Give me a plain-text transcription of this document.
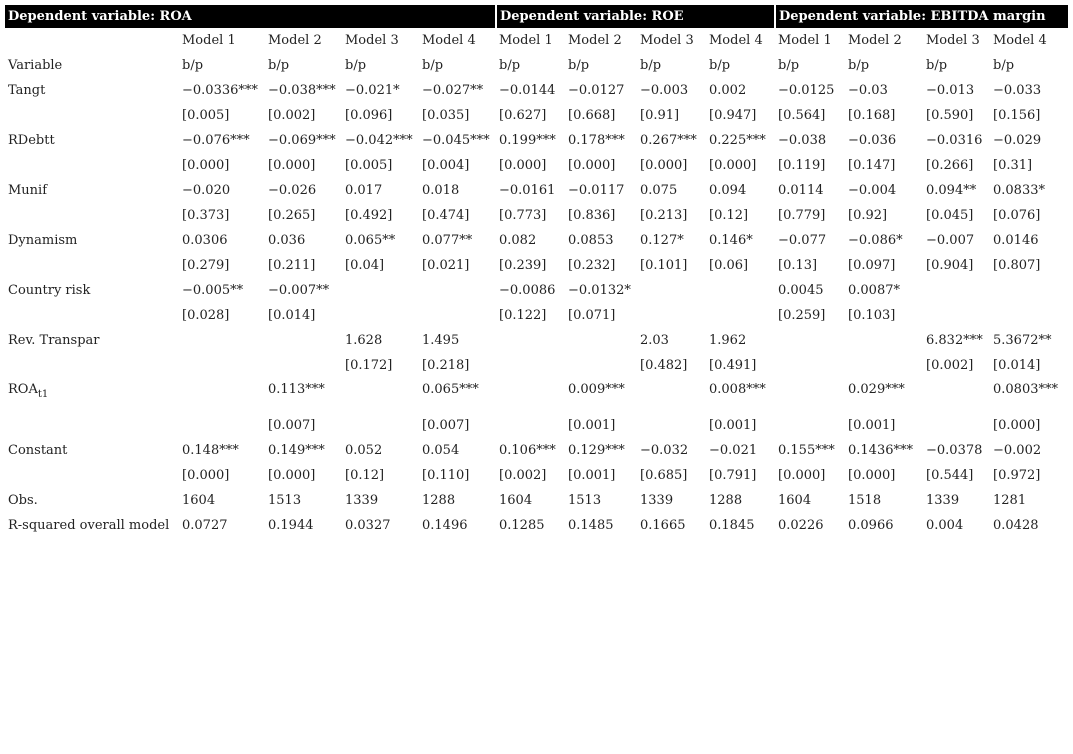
Dependent variable: ROA					Dependent variable: ROE				Dependent variable: EBITDA margin			
	Model 1	Model 2	Model 3	Model 4	Model 1	Model 2	Model 3	Model 4	Model 1	Model 2	Model 3	Model 4
Variable	b/p	b/p	b/p	b/p	b/p	b/p	b/p	b/p	b/p	b/p	b/p	b/p
Tangt	−0.0336***	−0.038***	−0.021*	−0.027**	−0.0144	−0.0127	−0.003	0.002	−0.0125	−0.03	−0.013	−0.033
	[0.005]	[0.002]	[0.096]	[0.035]	[0.627]	[0.668]	[0.91]	[0.947]	[0.564]	[0.168]	[0.590]	[0.156]
RDebtt	−0.076***	−0.069***	−0.042***	−0.045***	0.199***	0.178***	0.267***	0.225***	−0.038	−0.036	−0.0316	−0.029
	[0.000]	[0.000]	[0.005]	[0.004]	[0.000]	[0.000]	[0.000]	[0.000]	[0.119]	[0.147]	[0.266]	[0.31]
Munif	−0.020	−0.026	0.017	0.018	−0.0161	−0.0117	0.075	0.094	0.0114	−0.004	0.094**	0.0833*
	[0.373]	[0.265]	[0.492]	[0.474]	[0.773]	[0.836]	[0.213]	[0.12]	[0.779]	[0.92]	[0.045]	[0.076]
Dynamism	0.0306	0.036	0.065**	0.077**	0.082	0.0853	0.127*	0.146*	−0.077	−0.086*	−0.007	0.0146
	[0.279]	[0.211]	[0.04]	[0.021]	[0.239]	[0.232]	[0.101]	[0.06]	[0.13]	[0.097]	[0.904]	[0.807]
Country risk	−0.005**	−0.007**			−0.0086	−0.0132*			0.0045	0.0087*		
	[0.028]	[0.014]			[0.122]	[0.071]			[0.259]	[0.103]		
Rev. Transpar			1.628	1.495			2.03	1.962			6.832***	5.3672**
			[0.172]	[0.218]			[0.482]	[0.491]			[0.002]	[0.014]
$ROA_{t1}$		0.113***		0.065***		0.009***		0.008***		0.029***		0.0803***
		[0.007]		[0.007]		[0.001]		[0.001]		[0.001]		[0.000]
Constant	0.148***	0.149***	0.052	0.054	0.106***	0.129***	−0.032	−0.021	0.155***	0.1436***	−0.0378	−0.002
	[0.000]	[0.000]	[0.12]	[0.110]	[0.002]	[0.001]	[0.685]	[0.791]	[0.000]	[0.000]	[0.544]	[0.972]
Obs.	1604	1513	1339	1288	1604	1513	1339	1288	1604	1518	1339	1281
R-squared overall model	0.0727	0.1944	0.0327	0.1496	0.1285	0.1485	0.1665	0.1845	0.0226	0.0966	0.004	0.0428
